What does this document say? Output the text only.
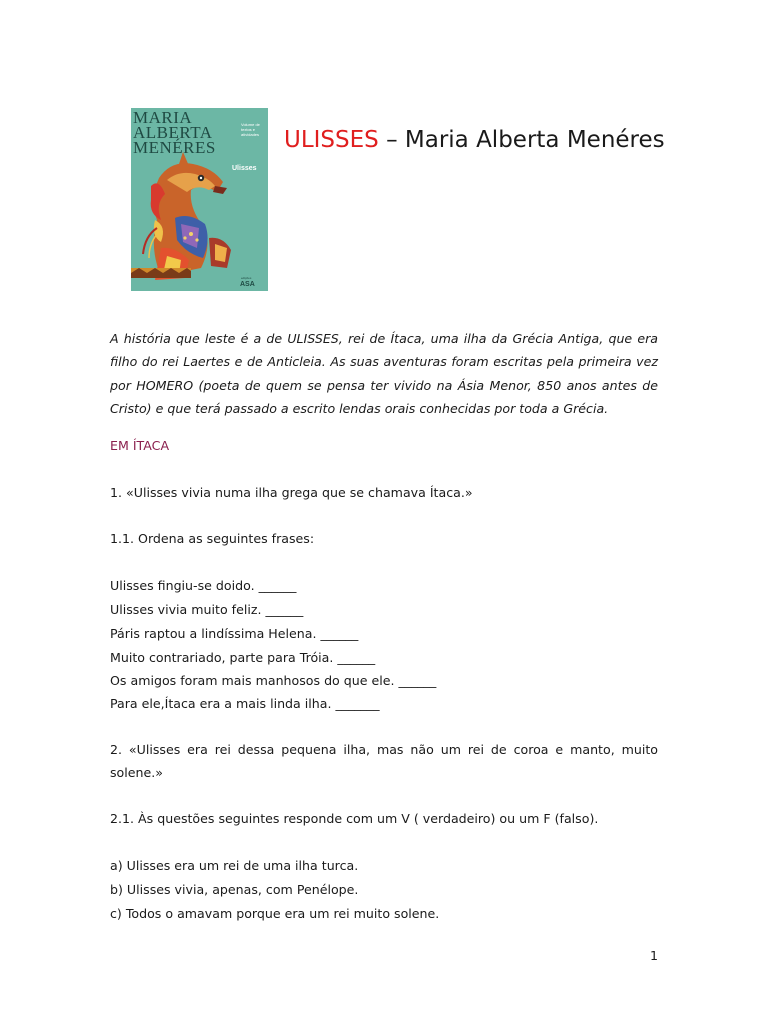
MARIA
ALBERTA
MENÉRES
Volume de textos e atividades
Ulisses
edições
ASA
ULISSES – Maria Alberta Menéres
A história que leste é a de ULISSES, rei de Ítaca, uma ilha da Grécia Antiga, que era filho do rei Laertes e de Anticleia. As suas aventuras foram escritas pela primeira vez por HOMERO (poeta de quem se pensa ter vivido na Ásia Menor, 850 anos antes de Cristo) e que terá passado a escrito lendas orais conhecidas por toda a Grécia.
EM ÍTACA
1. «Ulisses vivia numa ilha grega que se chamava Ítaca.»
1.1. Ordena as seguintes frases:
Ulisses fingiu-se doido. ______
Ulisses vivia muito feliz. ______
Páris raptou a lindíssima Helena. ______
Muito contrariado, parte para Tróia. ______
Os amigos foram mais manhosos do que ele. ______
Para ele,Ítaca era a mais linda ilha. _______
2. «Ulisses era rei dessa pequena ilha, mas não um rei de coroa e manto, muito solene.»
2.1. Às questões seguintes responde com um V ( verdadeiro) ou um F (falso).
a) Ulisses era um rei de uma ilha turca.
b) Ulisses vivia, apenas, com Penélope.
c) Todos o amavam porque era um rei muito solene.
1
